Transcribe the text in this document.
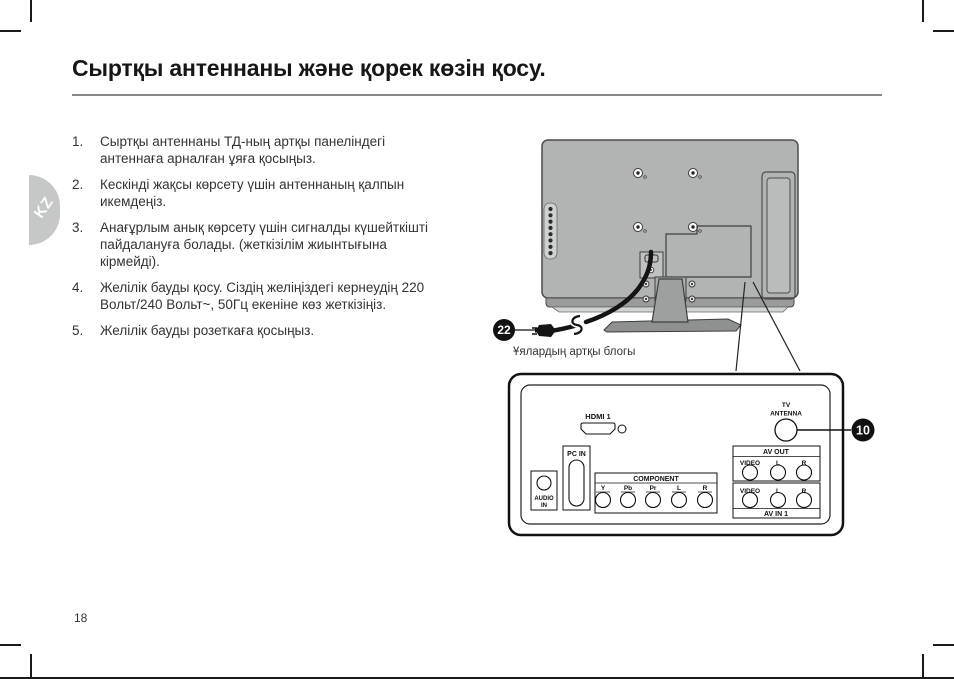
Сыртқы антеннаны және қорек көзін қосу.
KZ
1.	Сыртқы антеннаны ТД-ның артқы панеліндегі антеннаға арналған ұяға қосыңыз.
2.	Кескінді жақсы көрсету үшін антеннаның қалпын икемдеңіз.
3.	Анағұрлым анық көрсету үшін сигналды күшейткішті пайдалануға болады. (жеткізілім жиынтығына кірмейді).
4.	Желілік бауды қосу. Сіздің желіңіздегі кернеудің 220 Вольт/240 Вольт~, 50Гц екеніне көз жеткізіңіз.
5.	Желілік бауды розеткаға қосыңыз.	22
HDMI 1
PC IN
AUDIO
IN
COMPONENT
Y	Pb	Pr	L	R
TV
ANTENNA
AV OUT
VIDEO L	R
VIDEO L	R
AV IN 1
10
Ұялардың артқы блогы
18
